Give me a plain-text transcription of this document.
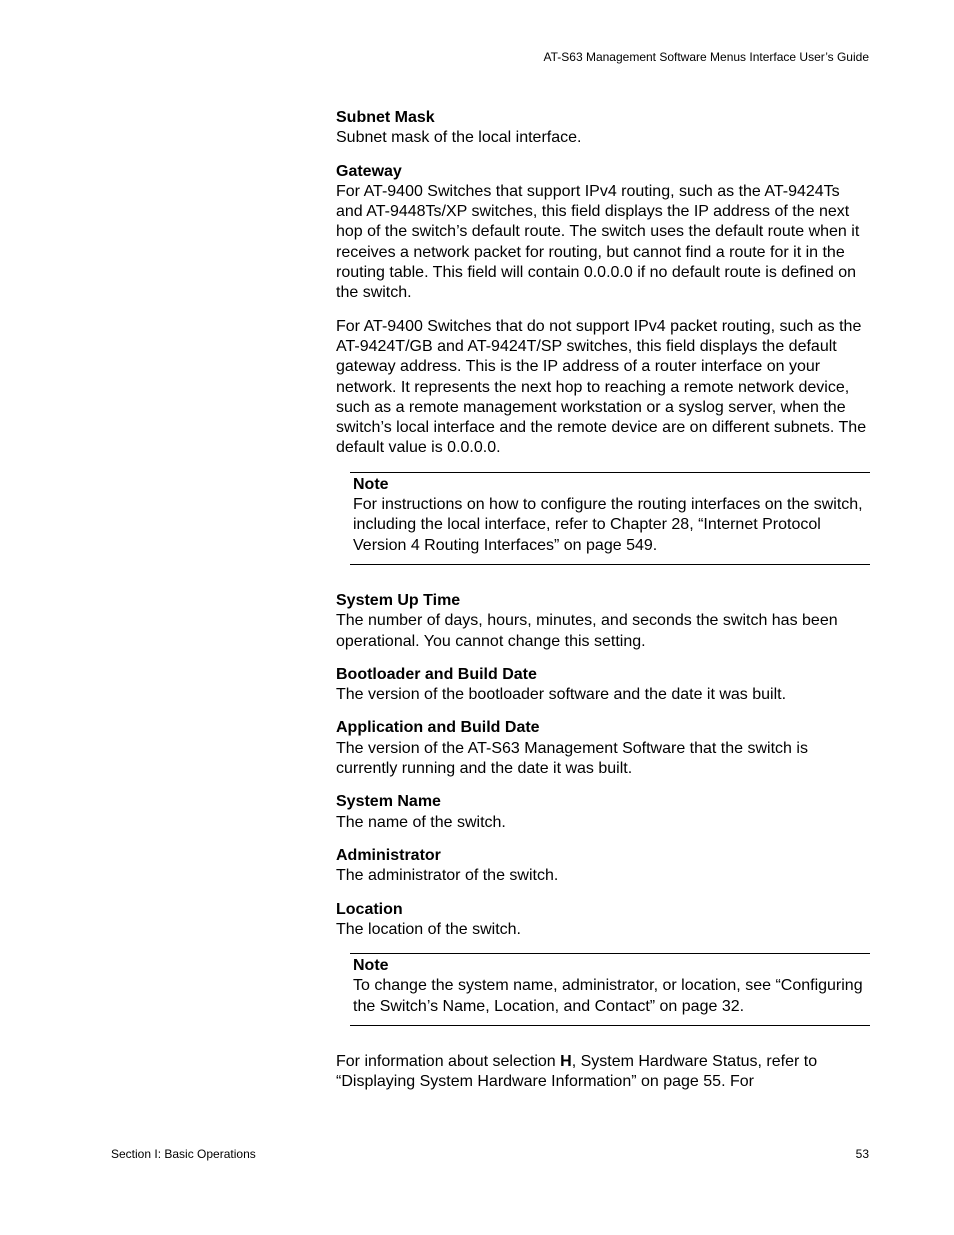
AT-S63 Management Software Menus Interface User’s Guide
Subnet Mask
Subnet mask of the local interface.
Gateway
For AT-9400 Switches that support IPv4 routing, such as the AT-9424Ts and AT-9448Ts/XP switches, this field displays the IP address of the next hop of the switch’s default route. The switch uses the default route when it receives a network packet for routing, but cannot find a route for it in the routing table. This field will contain 0.0.0.0 if no default route is defined on the switch.
For AT-9400 Switches that do not support IPv4 packet routing, such as the AT-9424T/GB and AT-9424T/SP switches, this field displays the default gateway address. This is the IP address of a router interface on your network. It represents the next hop to reaching a remote network device, such as a remote management workstation or a syslog server, when the switch’s local interface and the remote device are on different subnets. The default value is 0.0.0.0.
Note
For instructions on how to configure the routing interfaces on the switch, including the local interface, refer to Chapter 28, “Internet Protocol Version 4 Routing Interfaces” on page 549.
System Up Time
The number of days, hours, minutes, and seconds the switch has been operational. You cannot change this setting.
Bootloader and Build Date
The version of the bootloader software and the date it was built.
Application and Build Date
The version of the AT-S63 Management Software that the switch is currently running and the date it was built.
System Name
The name of the switch.
Administrator
The administrator of the switch.
Location
The location of the switch.
Note
To change the system name, administrator, or location, see “Configuring the Switch’s Name, Location, and Contact” on page 32.
For information about selection H, System Hardware Status, refer to “Displaying System Hardware Information” on page 55. For
Section I: Basic Operations	53
